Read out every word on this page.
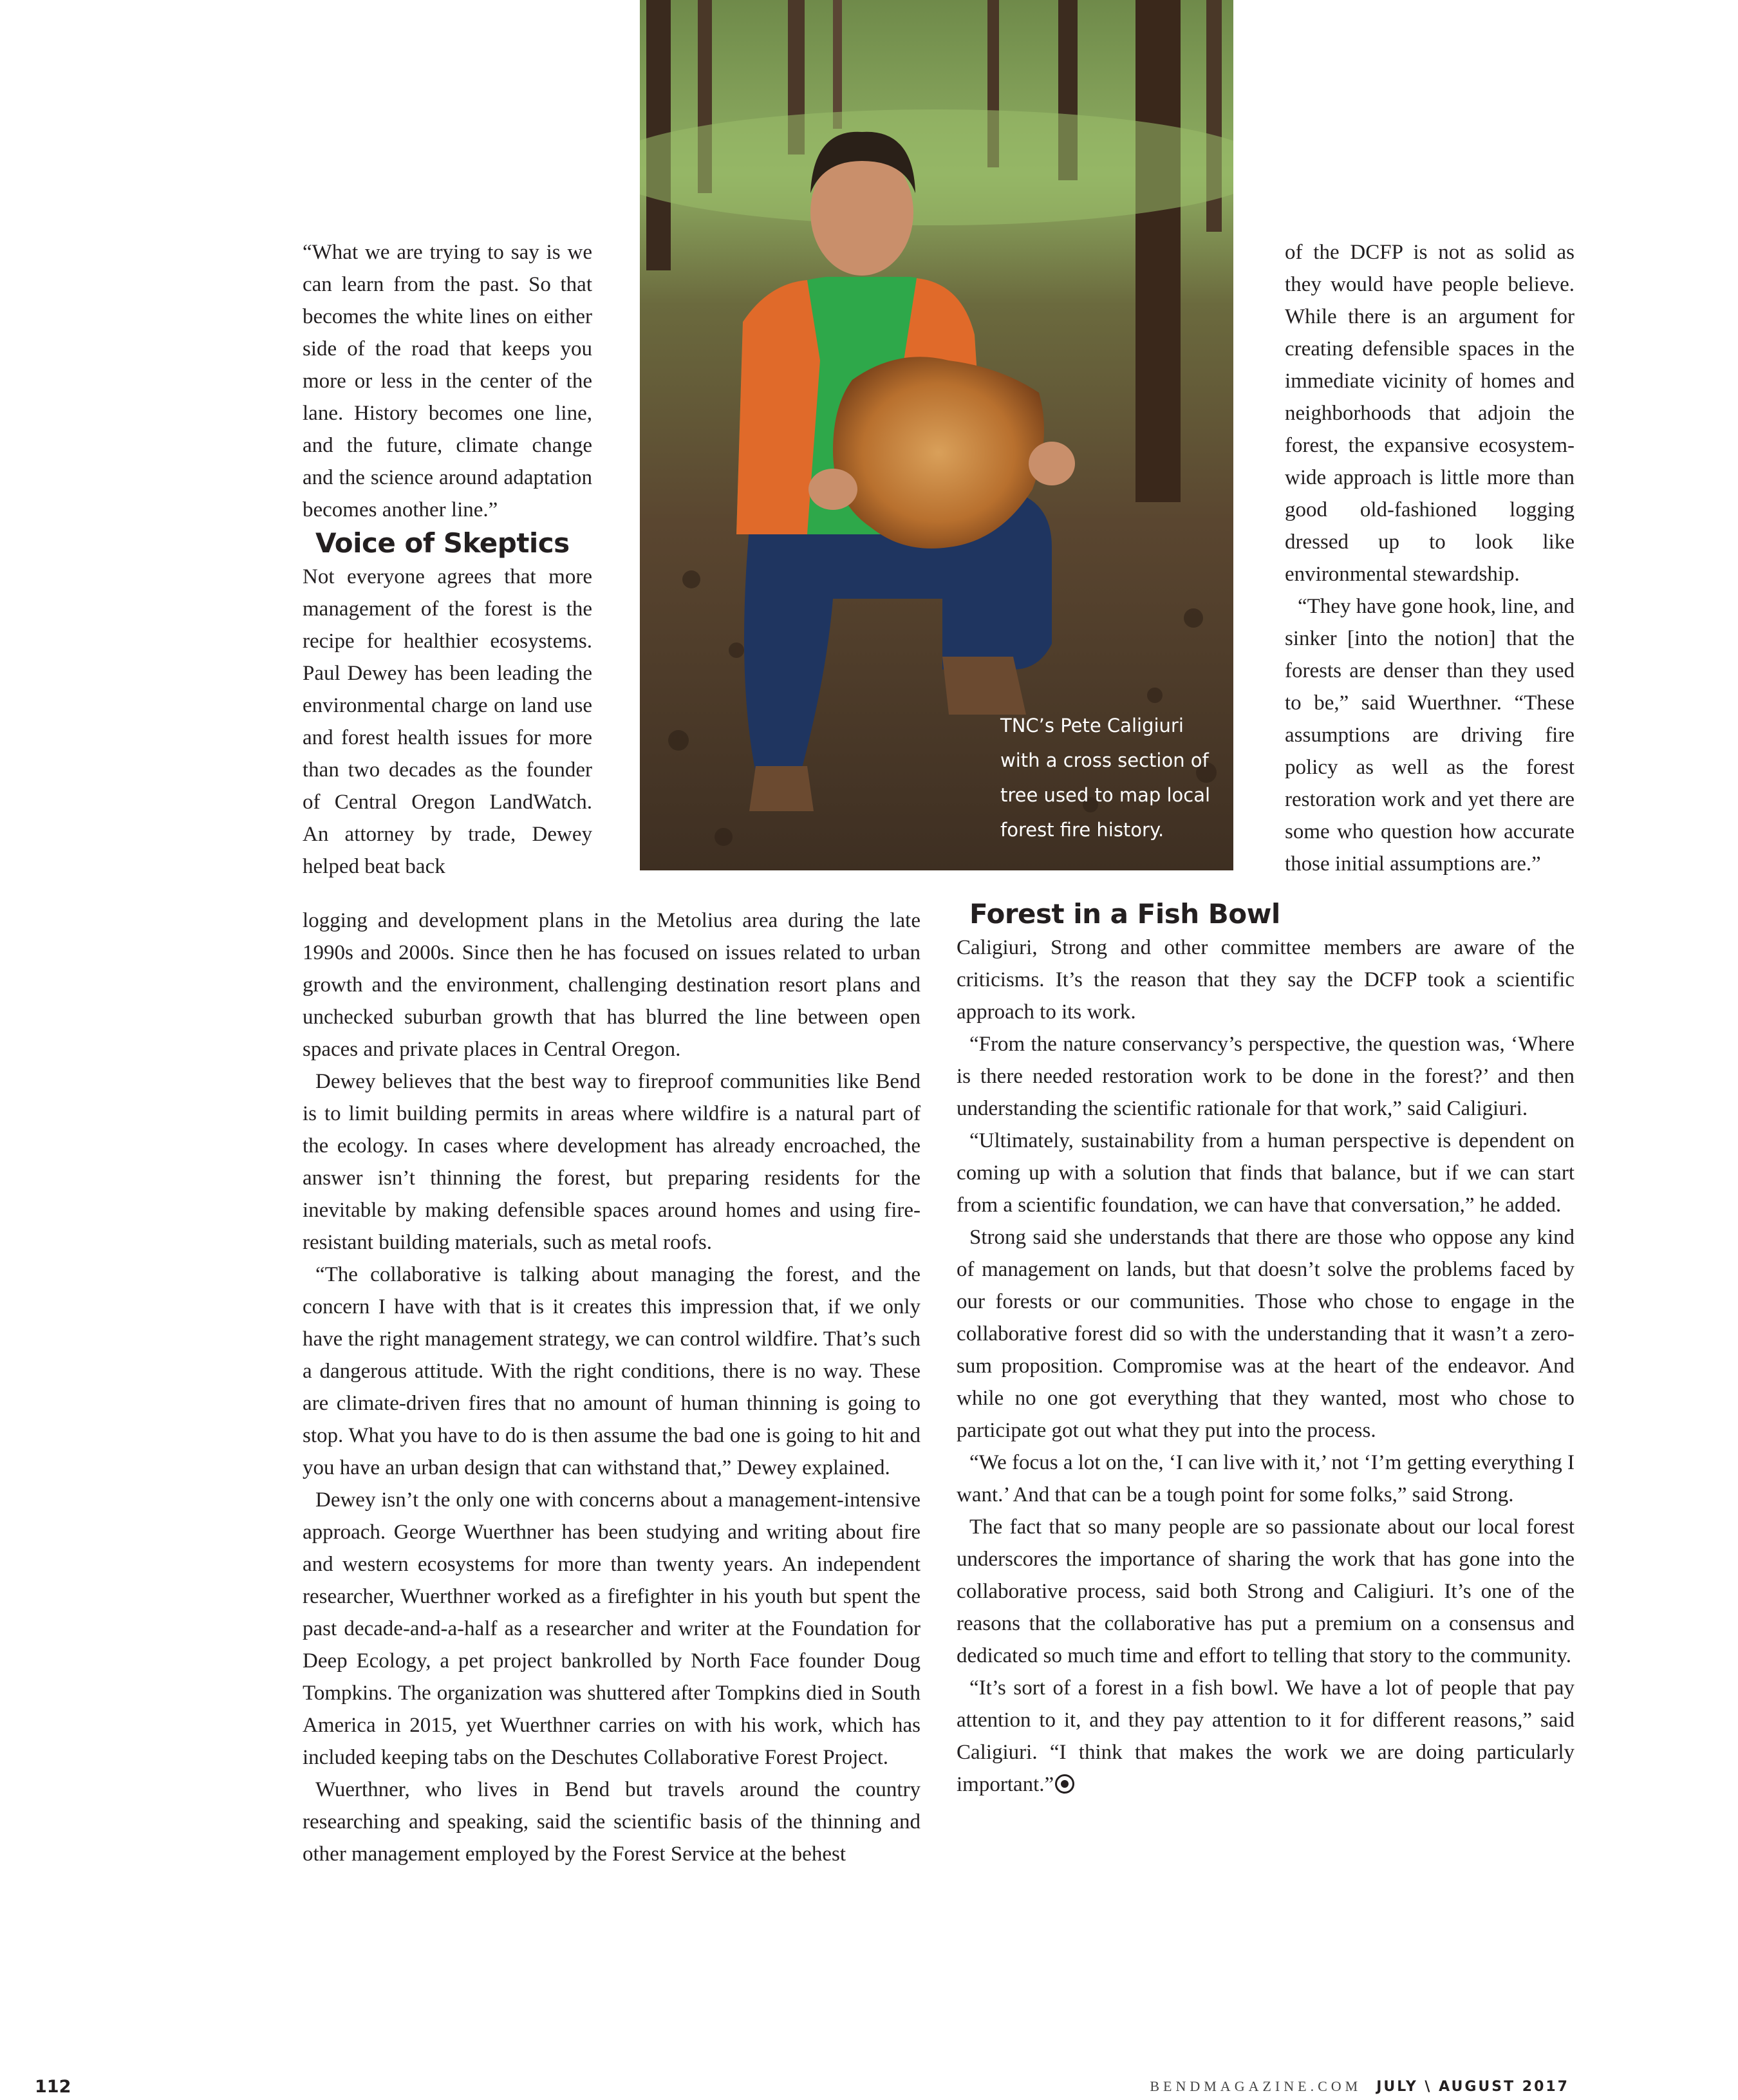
“What we are trying to say is we can learn from the past. So that becomes the white lines on either side of the road that keeps you more or less in the center of the lane. History becomes one line, and the future, climate change and the science around adaptation becomes another line.”

Voice of Skeptics

Not everyone agrees that more management of the forest is the recipe for healthier ecosystems. Paul Dewey has been leading the environmental charge on land use and forest health issues for more than two decades as the founder of Central Oregon LandWatch. An attorney by trade, Dewey helped beat back

logging and development plans in the Metolius area during the late 1990s and 2000s. Since then he has focused on issues related to urban growth and the environment, challenging destination resort plans and unchecked suburban growth that has blurred the line between open spaces and private places in Central Oregon.

Dewey believes that the best way to fireproof communities like Bend is to limit building permits in areas where wildfire is a natural part of the ecology. In cases where development has already encroached, the answer isn’t thinning the forest, but preparing residents for the inevitable by making defensible spaces around homes and using fire-resistant building materials, such as metal roofs.

“The collaborative is talking about managing the forest, and the concern I have with that is it creates this impression that, if we only have the right management strategy, we can control wildfire. That’s such a dangerous attitude. With the right conditions, there is no way. These are climate-driven fires that no amount of human thinning is going to stop. What you have to do is then assume the bad one is going to hit and you have an urban design that can withstand that,” Dewey explained.

Dewey isn’t the only one with concerns about a management-intensive approach. George Wuerthner has been studying and writing about fire and western ecosystems for more than twenty years. An independent researcher, Wuerthner worked as a firefighter in his youth but spent the past decade-and-a-half as a researcher and writer at the Foundation for Deep Ecology, a pet project bankrolled by North Face founder Doug Tompkins. The organization was shuttered after Tompkins died in South America in 2015, yet Wuerthner carries on with his work, which has included keeping tabs on the Deschutes Collaborative Forest Project.

Wuerthner, who lives in Bend but travels around the country researching and speaking, said the scientific basis of the thinning and other management employed by the Forest Service at the behest

TNC’s Pete Caligiuri with a cross section of tree used to map local forest fire history.

of the DCFP is not as solid as they would have people believe. While there is an argument for creating defensible spaces in the immediate vicinity of homes and neighborhoods that adjoin the forest, the expansive ecosystem-wide approach is little more than good old-fashioned logging dressed up to look like environmental stewardship.

“They have gone hook, line, and sinker [into the notion] that the forests are denser than they used to be,” said Wuerthner. “These assumptions are driving fire policy as well as the forest restoration work and yet there are some who question how accurate those initial assumptions are.”

Forest in a Fish Bowl

Caligiuri, Strong and other committee members are aware of the criticisms. It’s the reason that they say the DCFP took a scientific approach to its work.

“From the nature conservancy’s perspective, the question was, ‘Where is there needed restoration work to be done in the forest?’ and then understanding the scientific rationale for that work,” said Caligiuri.

“Ultimately, sustainability from a human perspective is dependent on coming up with a solution that finds that balance, but if we can start from a scientific foundation, we can have that conversation,” he added.

Strong said she understands that there are those who oppose any kind of management on lands, but that doesn’t solve the problems faced by our forests or our communities. Those who chose to engage in the collaborative forest did so with the understanding that it wasn’t a zero-sum proposition. Compromise was at the heart of the endeavor. And while no one got everything that they wanted, most who chose to participate got out what they put into the process.

“We focus a lot on the, ‘I can live with it,’ not ‘I’m getting everything I want.’ And that can be a tough point for some folks,” said Strong.

The fact that so many people are so passionate about our local forest underscores the importance of sharing the work that has gone into the collaborative process, said both Strong and Caligiuri. It’s one of the reasons that the collaborative has put a premium on a consensus and dedicated so much time and effort to telling that story to the community.

“It’s sort of a forest in a fish bowl. We have a lot of people that pay attention to it, and they pay attention to it for different reasons,” said Caligiuri. “I think that makes the work we are doing particularly important.”

112	BENDMAGAZINE.COM JULY \ AUGUST 2017
